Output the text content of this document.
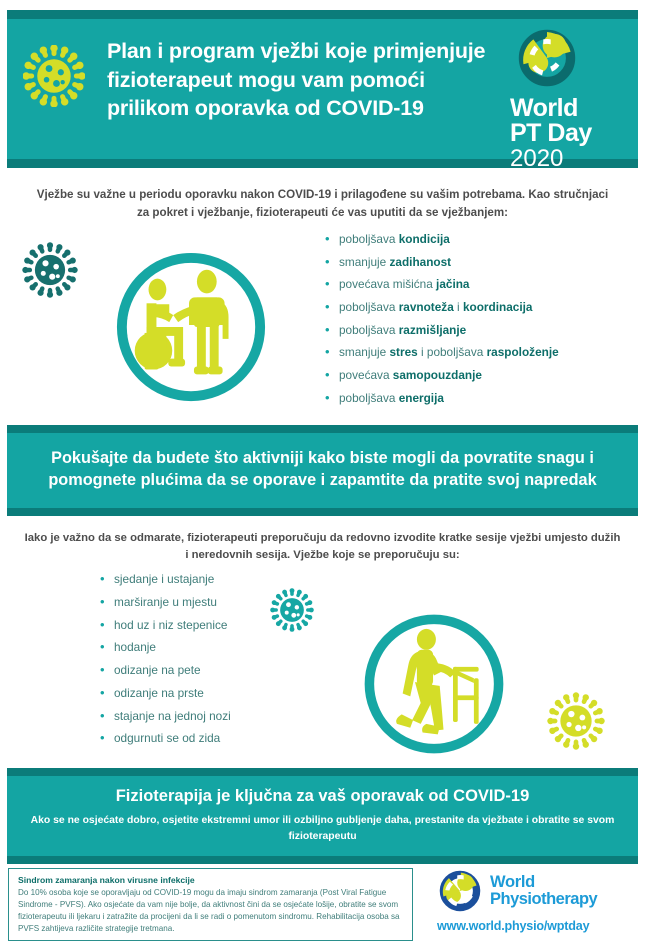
Plan i program vježbi koje primjenjuje fizioterapeut mogu vam pomoći prilikom oporavka od COVID-19	World
PT Day
2020
Vježbe su važne u periodu oporavku nakon COVID-19 i prilagođene su vašim potrebama. Kao stručnjaci za pokret i vježbanje, fizioterapeuti će vas uputiti da se vježbanjem:
• poboljšava kondicija
• smanjuje zadihanost
• povećava mišićna jačina
• poboljšava ravnoteža i koordinacija
• poboljšava razmišljanje
• smanjuje stres i poboljšava raspoloženje
• povećava samopouzdanje
• poboljšava energija
Pokušajte da budete što aktivniji kako biste mogli da povratite snagu i pomognete plućima da se oporave i zapamtite da pratite svoj napredak
Iako je važno da se odmarate, fizioterapeuti preporučuju da redovno izvodite kratke sesije vježbi umjesto dužih i neredovnih sesija. Vježbe koje se preporučuju su:
• sjedanje i ustajanje
• marširanje u mjestu
• hod uz i niz stepenice
• hodanje
• odizanje na pete
• odizanje na prste
• stajanje na jednoj nozi
• odgurnuti se od zida
Fizioterapija je ključna za vaš oporavak od COVID-19
Ako se ne osjećate dobro, osjetite ekstremni umor ili ozbiljno gubljenje daha, prestanite da vježbate i obratite se svom fizioterapeutu
Sindrom zamaranja nakon virusne infekcije
Do 10% osoba koje se oporavljaju od COVID-19 mogu da imaju sindrom zamaranja (Post Viral Fatigue Sindrome - PVFS). Ako osjećate da vam nije bolje, da aktivnost čini da se osjećate lošije, obratite se svom fizioterapeutu ili ljekaru i zatražite da procijeni da li se radi o pomenutom sindromu. Rehabilitacija osoba sa PVFS zahtijeva različite strategije tretmana.
World
Physiotherapy
www.world.physio/wptday
